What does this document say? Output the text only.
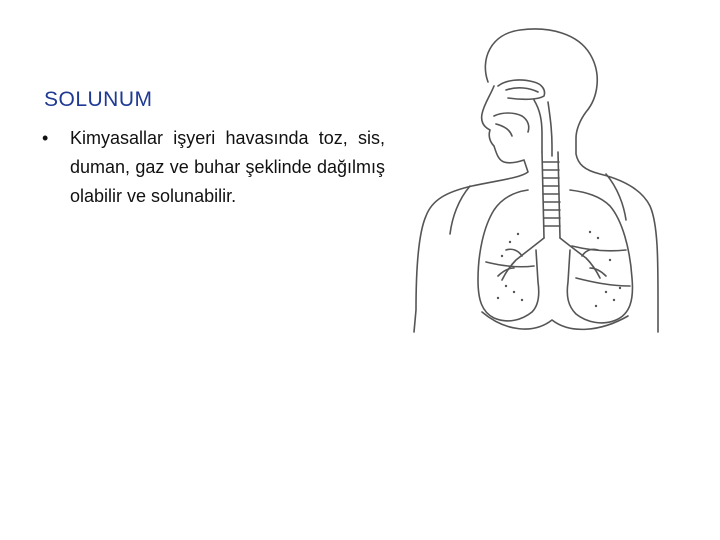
SOLUNUM
• Kimyasallar işyeri havasında toz, sis, duman, gaz ve buhar şeklinde dağılmış olabilir ve solunabilir.
